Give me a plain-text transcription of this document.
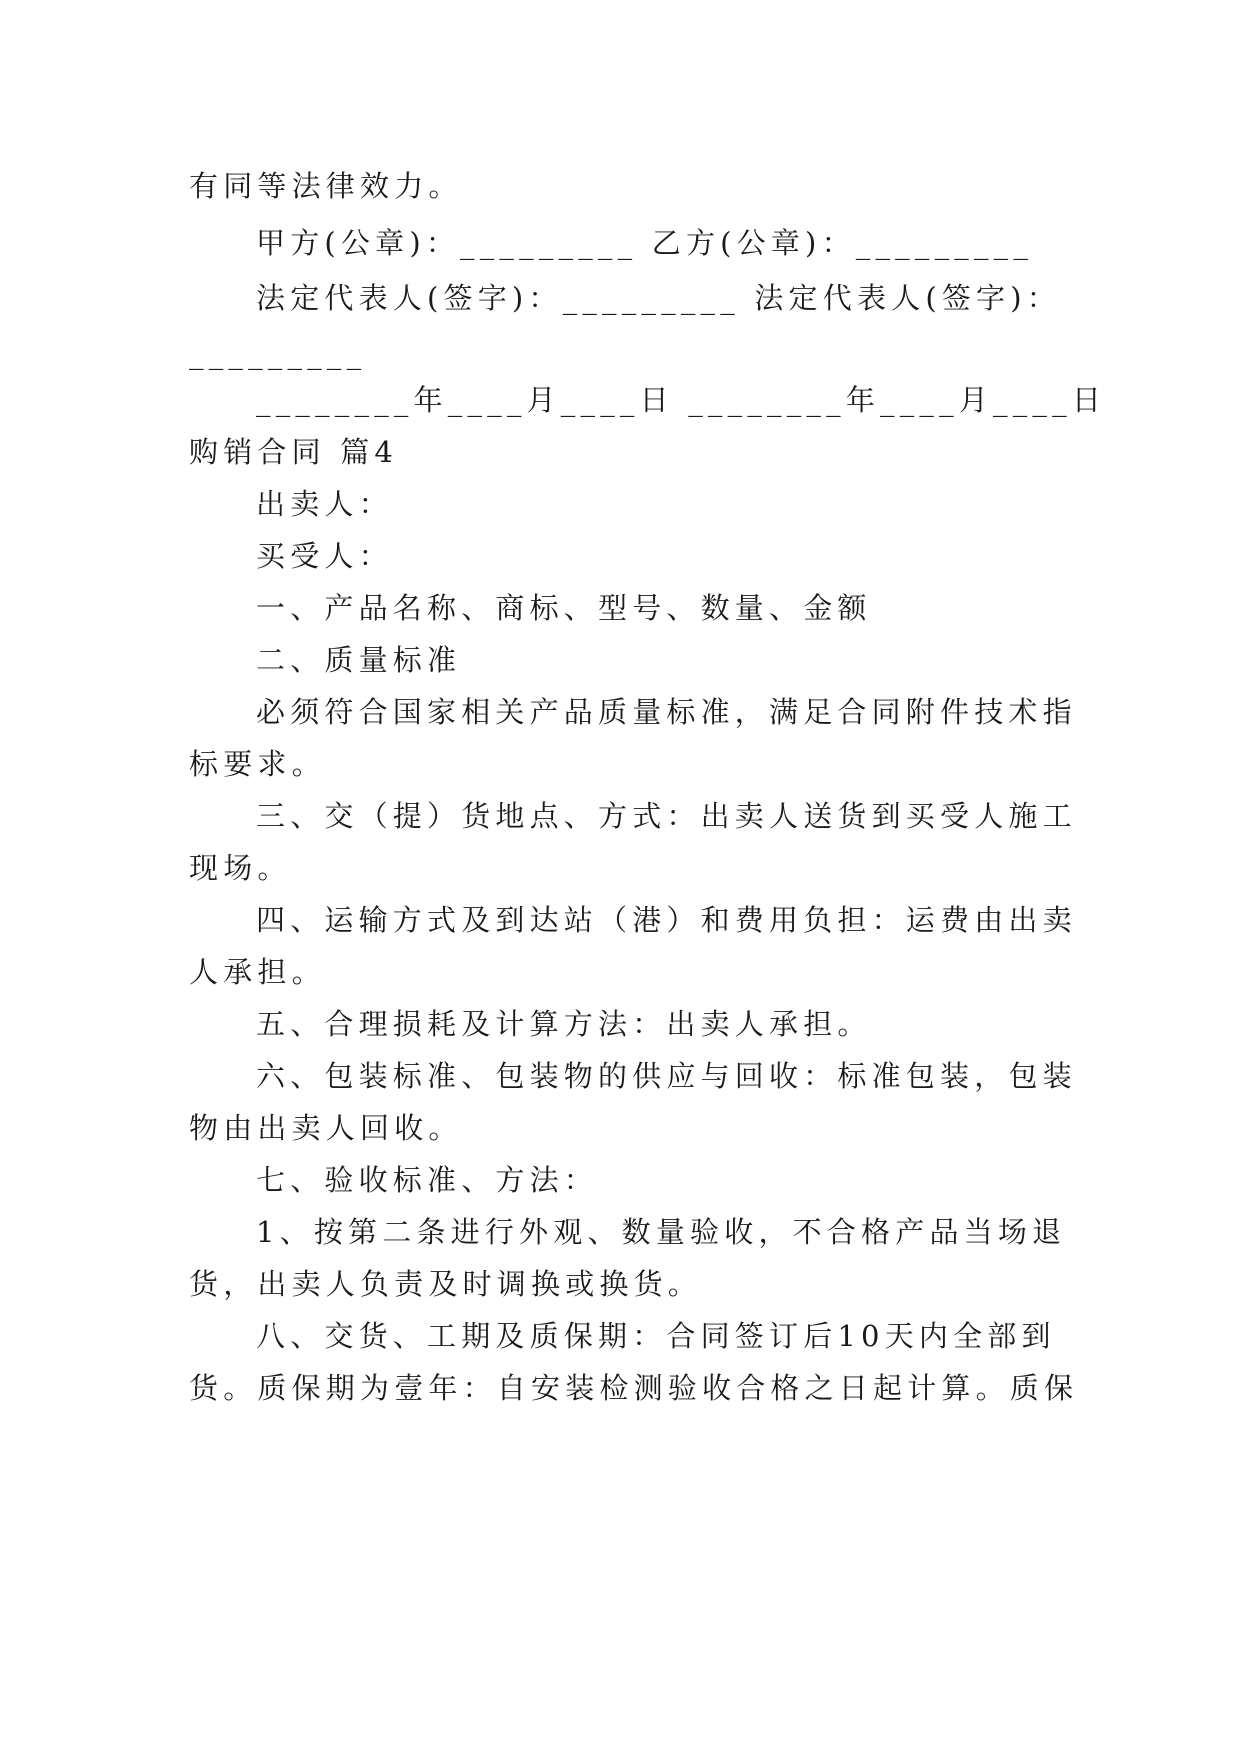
有同等法律效力。
甲方(公章)：_________ 乙方(公章)：_________
法定代表人(签字)：_________ 法定代表人(签字)：
_________
________年____月____日 ________年____月____日
购销合同 篇4
出卖人：
买受人：
一、产品名称、商标、型号、数量、金额
二、质量标准
必须符合国家相关产品质量标准，满足合同附件技术指
标要求。
三、交（提）货地点、方式：出卖人送货到买受人施工
现场。
四、运输方式及到达站（港）和费用负担：运费由出卖
人承担。
五、合理损耗及计算方法：出卖人承担。
六、包装标准、包装物的供应与回收：标准包装，包装
物由出卖人回收。
七、验收标准、方法：
1、按第二条进行外观、数量验收，不合格产品当场退
货，出卖人负责及时调换或换货。
八、交货、工期及质保期：合同签订后10天内全部到
货。质保期为壹年：自安装检测验收合格之日起计算。质保
